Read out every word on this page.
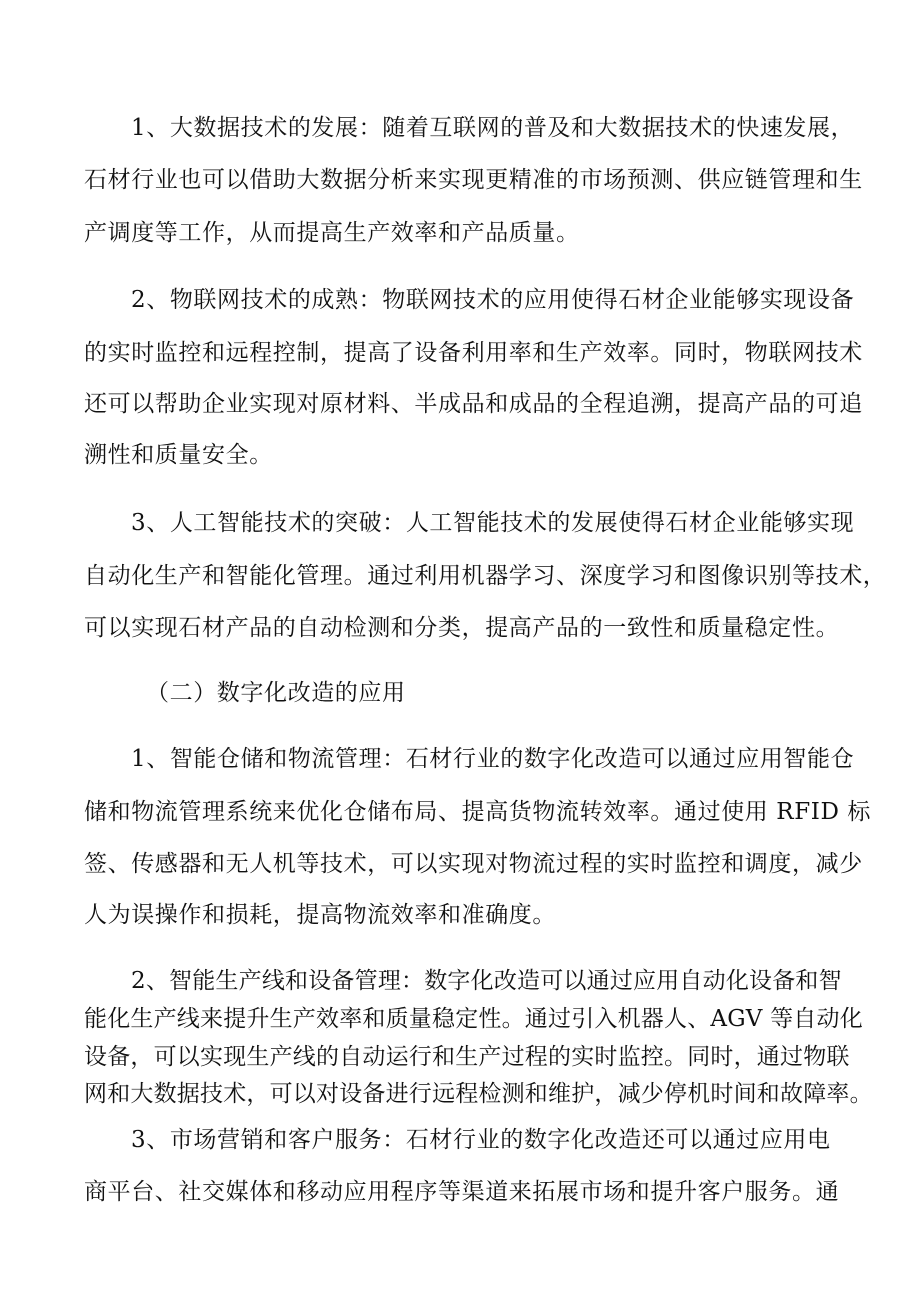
1、大数据技术的发展：随着互联网的普及和大数据技术的快速发展，
石材行业也可以借助大数据分析来实现更精准的市场预测、供应链管理和生
产调度等工作，从而提高生产效率和产品质量。
2、物联网技术的成熟：物联网技术的应用使得石材企业能够实现设备
的实时监控和远程控制，提高了设备利用率和生产效率。同时，物联网技术
还可以帮助企业实现对原材料、半成品和成品的全程追溯，提高产品的可追
溯性和质量安全。
3、人工智能技术的突破：人工智能技术的发展使得石材企业能够实现
自动化生产和智能化管理。通过利用机器学习、深度学习和图像识别等技术，
可以实现石材产品的自动检测和分类，提高产品的一致性和质量稳定性。
（二）数字化改造的应用
1、智能仓储和物流管理：石材行业的数字化改造可以通过应用智能仓
储和物流管理系统来优化仓储布局、提高货物流转效率。通过使用 RFID 标
签、传感器和无人机等技术，可以实现对物流过程的实时监控和调度，减少
人为误操作和损耗，提高物流效率和准确度。
2、智能生产线和设备管理：数字化改造可以通过应用自动化设备和智
能化生产线来提升生产效率和质量稳定性。通过引入机器人、AGV 等自动化
设备，可以实现生产线的自动运行和生产过程的实时监控。同时，通过物联
网和大数据技术，可以对设备进行远程检测和维护，减少停机时间和故障率。
3、市场营销和客户服务：石材行业的数字化改造还可以通过应用电
商平台、社交媒体和移动应用程序等渠道来拓展市场和提升客户服务。通
